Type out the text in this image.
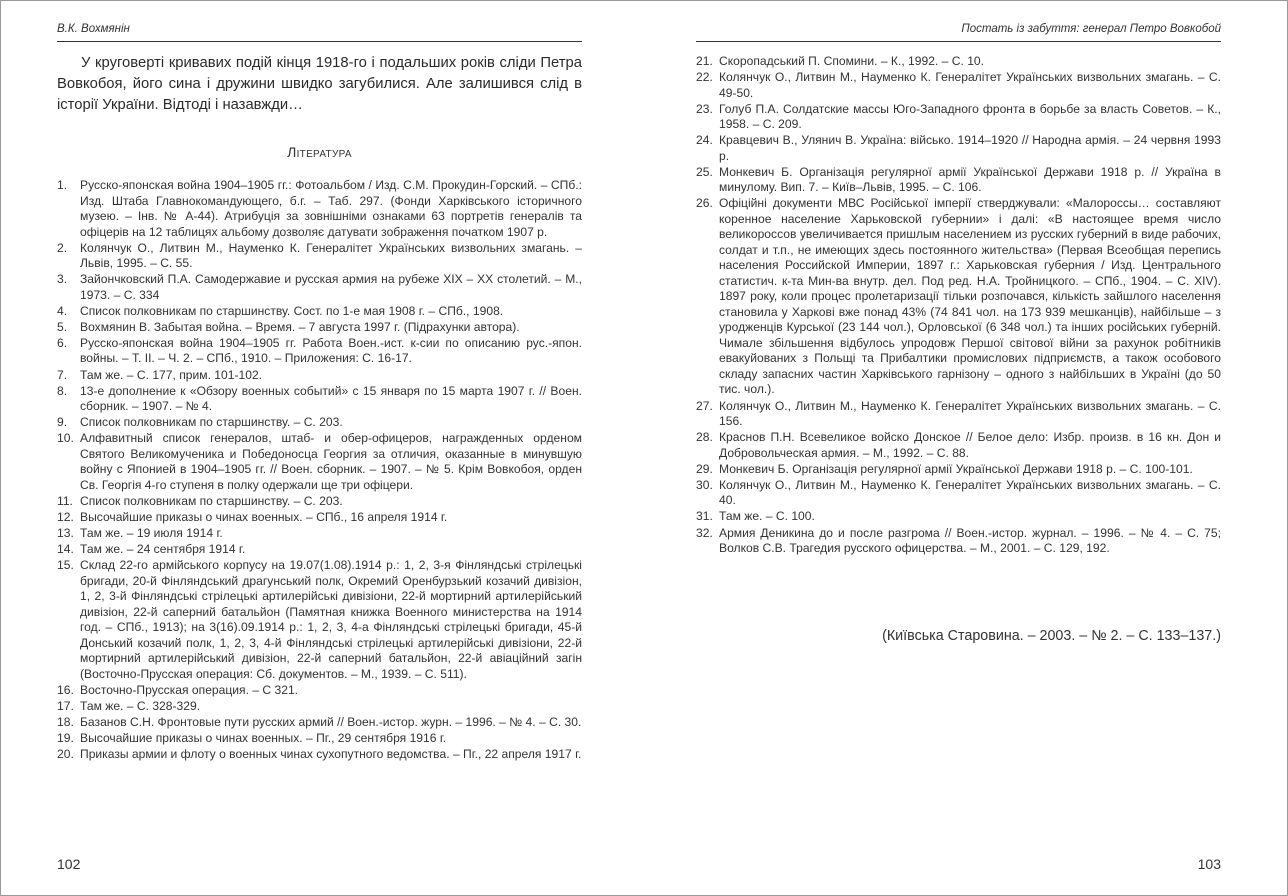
В.К. Вохмянін

У круговерті кривавих подій кінця 1918-го і подальших років сліди Петра Вовкобоя, його сина і дружини швидко загубилися. Але залишився слід в історії України. Відтоді і назавжди…

Література
1.	Русско-японская война 1904–1905 гг.: Фотоальбом / Изд. С.М. Прокудин-Горский. – СПб.: Изд. Штаба Главнокомандующего, б.г. – Таб. 297. (Фонди Харківського історичного музею. – Інв. № А-44). Атрибуція за зовнішніми ознаками 63 портретів генералів та офіцерів на 12 таблицях альбому дозволяє датувати зображення початком 1907 р.
2.	Колянчук О., Литвин М., Науменко К. Генералітет Українських визвольних змагань. – Львів, 1995. – С. 55.
3.	Зайончковский П.А. Самодержавие и русская армия на рубеже XIX – XX столетий. – М., 1973. – С. 334
4.	Список полковникам по старшинству. Сост. по 1-е мая 1908 г. – СПб., 1908.
5.	Вохмянин В. Забытая война. – Время. – 7 августа 1997 г. (Підрахунки автора).
6.	Русско-японская война 1904–1905 гг. Работа Воен.-ист. к-сии по описанию рус.-япон. войны. – Т. II. – Ч. 2. – СПб., 1910. – Приложения: С. 16-17.
7.	Там же. – С. 177, прим. 101-102.
8.	13-е дополнение к «Обзору военных событий» с 15 января по 15 марта 1907 г. // Воен. сборник. – 1907. – № 4.
9.	Список полковникам по старшинству. – С. 203.
10. Алфавитный список генералов, штаб- и обер-офицеров, награжденных орденом Святого Великомученика и Победоносца Георгия за отличия, оказанные в минувшую войну с Японией в 1904–1905 гг. // Воен. сборник. – 1907. – № 5. Крім Вовкобоя, орден Св. Георгія 4-го ступеня в полку одержали ще три офіцери.
11. Список полковникам по старшинству. – С. 203.
12. Высочайшие приказы о чинах военных. – СПб., 16 апреля 1914 г.
13. Там же. – 19 июля 1914 г.
14. Там же. – 24 сентября 1914 г.
15. Склад 22-го армійського корпусу на 19.07(1.08).1914 р.: 1, 2, 3-я Фінляндські стрілецькі бригади, 20-й Фінляндський драгунський полк, Окремий Оренбурзький козачий дивізіон, 1, 2, 3-й Фінляндські стрілецькі артилерійські дивізіони, 22-й мортирний артилерійський дивізіон, 22-й саперний батальйон (Памятная книжка Военного министерства на 1914 год. – СПб., 1913); на 3(16).09.1914 р.: 1, 2, 3, 4-а Фінляндські стрілецькі бригади, 45-й Донський козачий полк, 1, 2, 3, 4-й Фінляндські стрілецькі артилерійські дивізіони, 22-й мортирний артилерійський дивізіон, 22-й саперний батальйон, 22-й авіаційний загін (Восточно-Прусская операция: Сб. документов. – М., 1939. – С. 511).
16. Восточно-Прусская операция. – С 321.
17. Там же. – С. 328-329.
18. Базанов С.Н. Фронтовые пути русских армий // Воен.-истор. журн. – 1996. – № 4. – С. 30.
19. Высочайшие приказы о чинах военных. – Пг., 29 сентября 1916 г.
20. Приказы армии и флоту о военных чинах сухопутного ведомства. – Пг., 22 апреля 1917 г.
102
Постать із забуття: генерал Петро Вовкобой
21. Скоропадський П. Спомини. – К., 1992. – С. 10.
22. Колянчук О., Литвин М., Науменко К. Генералітет Українських визвольних змагань. – С. 49-50.
23. Голуб П.А. Солдатские массы Юго-Западного фронта в борьбе за власть Советов. – К., 1958. – С. 209.
24. Кравцевич В., Улянич В. Україна: військо. 1914–1920 // Народна армія. – 24 червня 1993 р.
25. Монкевич Б. Організація регулярної армії Української Держави 1918 р. // Україна в минулому. Вип. 7. – Київ–Львів, 1995. – С. 106.
26. Офіційні документи МВС Російської імперії стверджували: «Малороссы… составляют коренное население Харьковской губернии» і далі: «В настоящее время число великороссов увеличивается пришлым населением из русских губерний в виде рабочих, солдат и т.п., не имеющих здесь постоянного жительства» (Первая Всеобщая перепись населения Российской Империи, 1897 г.: Харьковская губерния / Изд. Центрального статистич. к-та Мин-ва внутр. дел. Под ред. Н.А. Тройницкого. – СПб., 1904. – С. XIV). 1897 року, коли процес пролетаризації тільки розпочався, кількість зайшлого населення становила у Харкові вже понад 43% (74 841 чол. на 173 939 мешканців), найбільше – з уродженців Курської (23 144 чол.), Орловської (6 348 чол.) та інших російських губерній. Чимале збільшення відбулось упродовж Першої світової війни за рахунок робітників евакуйованих з Польщі та Прибалтики промислових підприємств, а також особового складу запасних частин Харківського гарнізону – одного з найбільших в Україні (до 50 тис. чол.).
27. Колянчук О., Литвин М., Науменко К. Генералітет Українських визвольних змагань. – С. 156.
28. Краснов П.Н. Всевеликое войско Донское // Белое дело: Избр. произв. в 16 кн. Дон и Добровольческая армия. – М., 1992. – С. 88.
29. Монкевич Б. Організація регулярної армії Української Держави 1918 р. – С. 100-101.
30. Колянчук О., Литвин М., Науменко К. Генералітет Українських визвольних змагань. – С. 40.
31. Там же. – С. 100.
32. Армия Деникина до и после разгрома // Воен.-истор. журнал. – 1996. – № 4. – С. 75; Волков С.В. Трагедия русского офицерства. – М., 2001. – С. 129, 192.
(Київська Старовина. – 2003. – № 2. – С. 133–137.)
103
